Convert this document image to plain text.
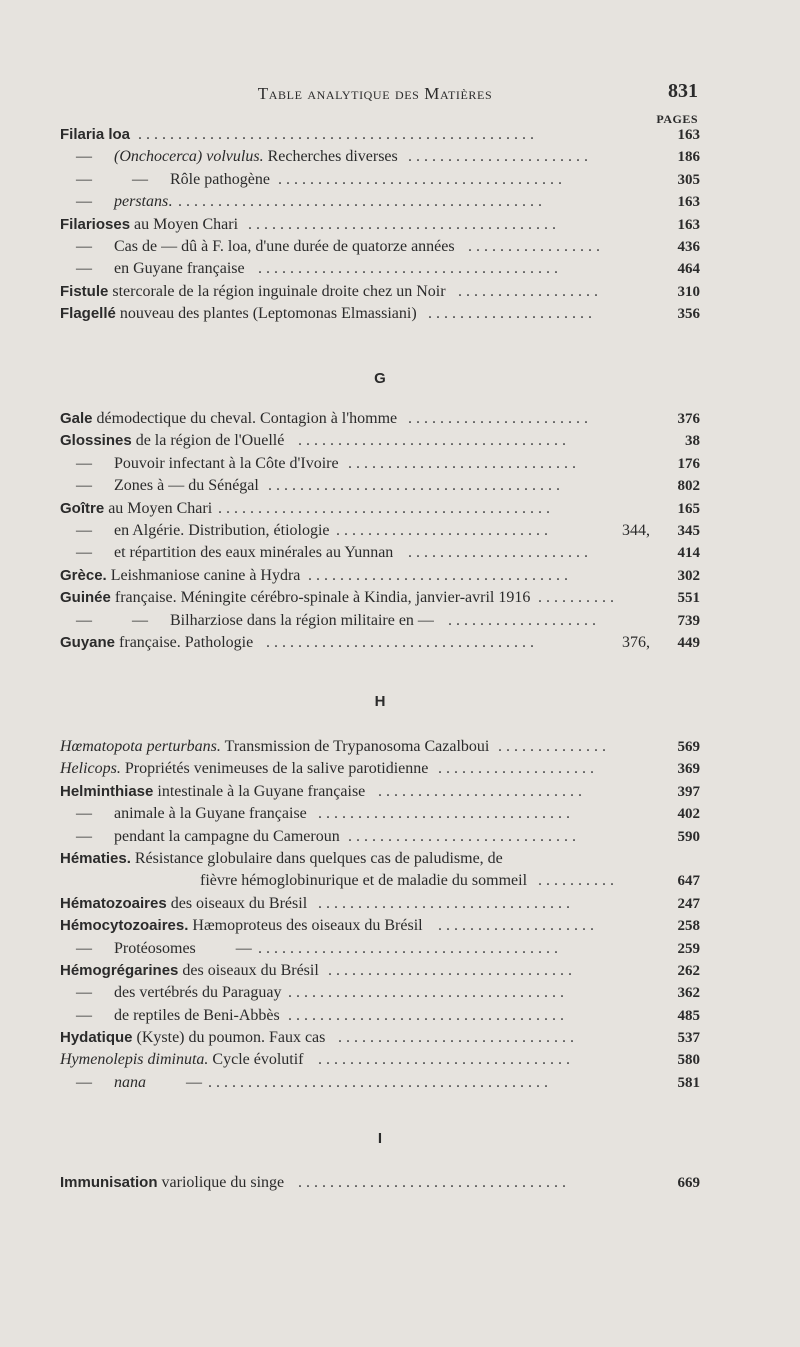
Table analytique des Matières	831
PAGES
Filaria loa ..................................................	163
— (Onchocerca) volvulus. Recherches diverses .......................	186
—          — Rôle pathogène ....................................	305
— perstans. ..............................................	163
Filarioses au Moyen Chari .......................................	163
— Cas de — dû à F. loa, d'une durée de quatorze années .................	436
— en Guyane française ......................................	464
Fistule stercorale de la région inguinale droite chez un Noir ..................	310
Flagellé nouveau des plantes (Leptomonas Elmassiani) .....................	356
G
Gale démodectique du cheval. Contagion à l'homme .......................	376
Glossines de la région de l'Ouellé ..................................	38
— Pouvoir infectant à la Côte d'Ivoire .............................	176
— Zones à — du Sénégal .....................................	802
Goître au Moyen Chari ..........................................	165
— en Algérie. Distribution, étiologie ...........................	344,	345
— et répartition des eaux minérales au Yunnan .......................	414
Grèce. Leishmaniose canine à Hydra .................................	302
Guinée française. Méningite cérébro-spinale à Kindia, janvier-avril 1916 ..........	551
—          — Bilharziose dans la région militaire en — ...................	739
Guyane française. Pathologie ..................................	376,	449
H
Hœmatopota perturbans. Transmission de Trypanosoma Cazalboui ..............	569
Helicops. Propriétés venimeuses de la salive parotidienne ....................	369
Helminthiase intestinale à la Guyane française ..........................	397
— animale à la Guyane française ................................	402
— pendant la campagne du Cameroun .............................	590
Hématies. Résistance globulaire dans quelques cas de paludisme, de
fièvre hémoglobinurique et de maladie du sommeil ..........	647
Hématozoaires des oiseaux du Brésil ................................	247
Hémocytozoaires. Hæmoproteus des oiseaux du Brésil ....................	258
— Protéosomes          — ......................................	259
Hémogrégarines des oiseaux du Brésil ...............................	262
— des vertébrés du Paraguay ...................................	362
— de reptiles de Beni-Abbès ...................................	485
Hydatique (Kyste) du poumon. Faux cas ..............................	537
Hymenolepis diminuta. Cycle évolutif ................................	580
— nana          — ...........................................	581
I
Immunisation variolique du singe ..................................	669
